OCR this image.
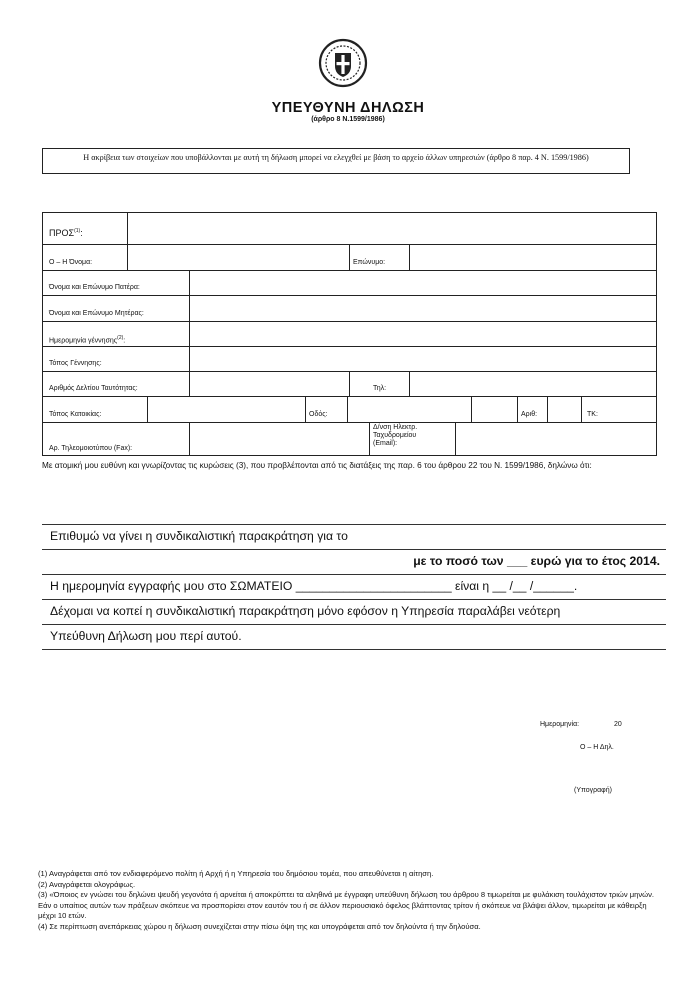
ΥΠΕΥΘΥΝΗ ΔΗΛΩΣΗ
(άρθρο 8 Ν.1599/1986)
Η ακρίβεια των στοιχείων που υποβάλλονται με αυτή τη δήλωση μπορεί να ελεγχθεί με βάση το αρχείο άλλων υπηρεσιών (άρθρο 8 παρ. 4 Ν. 1599/1986)
ΠΡΟΣ$^{(1)}$:
Ο – Η Όνομα:	Επώνυμο:
Όνομα και Επώνυμο Πατέρα:
Όνομα και Επώνυμο Μητέρας:
Ημερομηνία γέννησης$^{(2)}$:
Τόπος Γέννησης:
Αριθμός Δελτίου Ταυτότητας:	Τηλ:
Τόπος Κατοικίας:	Οδός:	Αριθ:	ΤΚ:
Αρ. Τηλεομοιοτύπου (Fax):
Δ/νση Ηλεκτρ.
Ταχυδρομείου
(Email):
Με ατομική μου ευθύνη και γνωρίζοντας τις κυρώσεις (3), που προβλέπονται από τις διατάξεις της παρ. 6 του άρθρου 22 του Ν. 1599/1986, δηλώνω ότι:
Επιθυμώ να γίνει η συνδικαλιστική παρακράτηση για το
με το ποσό των ___ ευρώ για το έτος 2014.
Η ημερομηνία εγγραφής μου στο ΣΩΜΑΤΕΙΟ _______________________ είναι η __ /__ /______.
Δέχομαι να κοπεί η συνδικαλιστική παρακράτηση μόνο εφόσον η Υπηρεσία παραλάβει νεότερη
Υπεύθυνη Δήλωση μου περί αυτού.
Ημερομηνία:	20
Ο – Η Δηλ.
(Υπογραφή)
(1) Αναγράφεται από τον ενδιαφερόμενο πολίτη ή Αρχή ή η Υπηρεσία του δημόσιου τομέα, που απευθύνεται η αίτηση.
(2) Αναγράφεται ολογράφως.
(3) «Όποιος εν γνώσει του δηλώνει ψευδή γεγονότα ή αρνείται ή αποκρύπτει τα αληθινά με έγγραφη υπεύθυνη δήλωση του άρθρου 8 τιμωρείται με φυλάκιση τουλάχιστον τριών μηνών. Εάν ο υπαίτιος αυτών των πράξεων σκόπευε να προσπορίσει στον εαυτόν του ή σε άλλον περιουσιακό όφελος βλάπτοντας τρίτον ή σκόπευε να βλάψει άλλον, τιμωρείται με κάθειρξη μέχρι 10 ετών.
(4) Σε περίπτωση ανεπάρκειας χώρου η δήλωση συνεχίζεται στην πίσω όψη της και υπογράφεται από τον δηλούντα ή την δηλούσα.
